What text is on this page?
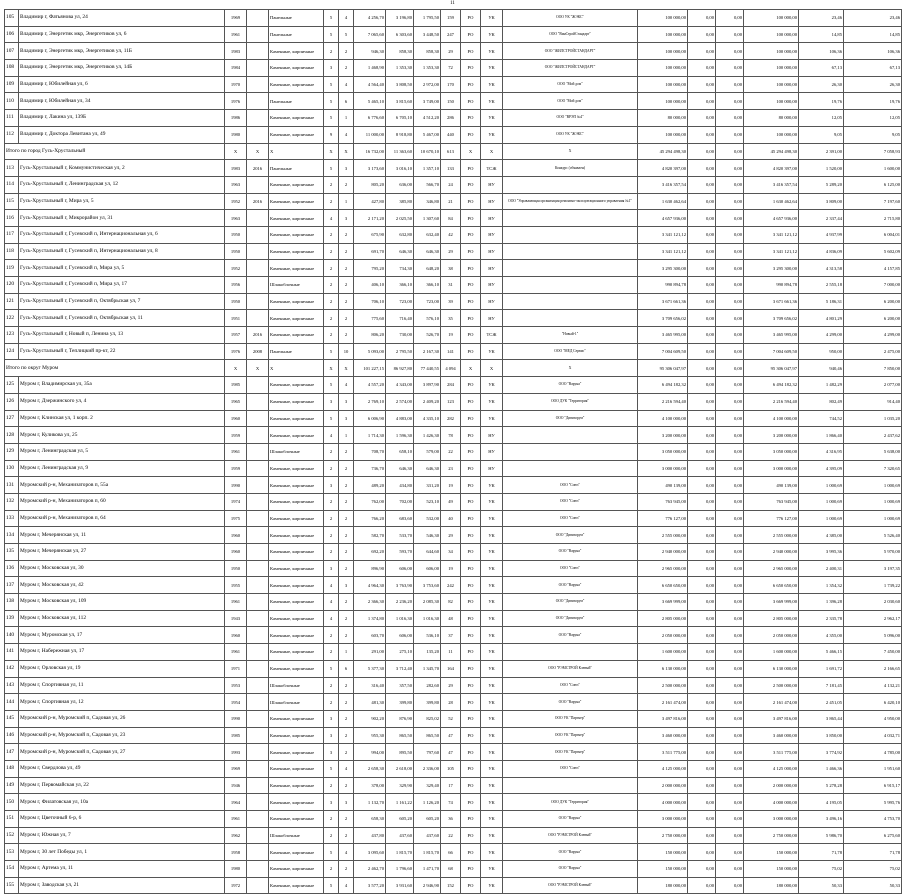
11
105	Владимир г, Фатьянова ул, 24	1969		Панельные	5	4	4 256,70	3 196,80	1 795,50	159	РО	УК	ООО УК "ЖЭКС"	100 000,00	0,00	0,00	100 000,00	23,46	23,46
106	Владимир г, Энергетик мкр, Энергетиков ул, 6	1961		Панельные	5	5	7 065,60	6 303,60	3 448,50	247	РО	УК	ООО "ВинСтройСтандарт"	100 000,00	0,00	0,00	100 000,00	14,85	14,85
107	Владимир г, Энергетик мкр, Энергетиков ул, 11Б	1983		Каменные, кирпичные	2	2	946,30	858,30	858,30	29	РО	УК	ООО "ЖИЛСТРОЙСТАНДАРТ"	100 000,00	0,00	0,00	100 000,00	106,36	106,36
108	Владимир г, Энергетик мкр, Энергетиков ул, 14Б	1984		Каменные, кирпичные	3	2	1 468,90	1 353,30	1 353,30	72	РО	УК	ООО "ЖИЛСТРОЙСТАНДАРТ"	100 000,00	0,00	0,00	100 000,00	67,13	67,13
109	Владимир г, Юбилейная ул, 6	1970		Каменные, кирпичные	5	4	4 564,40	3 808,50	2 972,00	170	РО	УК	ООО "Мой дом"	100 000,00	0,00	0,00	100 000,00	26,30	26,30
110	Владимир г, Юбилейная ул, 34	1976		Панельные	5	6	5 465,10	3 815,60	3 749,00	150	РО	УК	ООО "Мой дом"	100 000,00	0,00	0,00	100 000,00	19,76	19,76
111	Владимир г, Лакина ул, 139Б	1986		Каменные, кирпичные	5	1	6 776,60	6 705,10	4 512,20	286	РО	УК	ООО "ВРЭП №4"	80 000,00	0,00	0,00	80 000,00	12,05	12,05
112	Владимир г, Доктора Левитана ул, 49	1980		Каменные, кирпичные	9	4	11 000,00	8 918,80	5 467,00	440	РО	УК	ООО УК "ЖЭКС"	100 000,00	0,00	0,00	100 000,00	9,05	9,05
Итого по город Гусь-Хрустальный		X	X	X	X	X	16 732,00	11 363,60	10 670,10	613	X	X	X	45 294 498,30	0,00	0,00	45 294 498,30	2 391,00	7 058,93
113	Гусь-Хрустальный г, Коммунистическая ул, 2	1983	2016	Панельные	5	3	3 173,60	3 016,10	1 357,10	133	РО	ТСЖ	Конкурс (объявлен)	4 820 397,00	0,00	0,00	4 820 397,00	1 520,00	1 600,00
114	Гусь-Хрустальный г, Ленинградская ул, 12	1963		Каменные, кирпичные	2	2	805,20	636,00	566,70	24	РО	НУ		3 416 357,54	0,00	0,00	3 416 357,54	5 289,20	6 125,00
115	Гусь-Хрустальный г, Мира ул, 5	1952	2016	Каменные, кирпичные	2	1	427,80	385,80	346,80	21	РО	НУ	ООО "Управляющая организация ремонтно-эксплуатационного управления №1"	1 630 462,64	0,00	0,00	1 630 462,64	3 809,00	7 197,60
116	Гусь-Хрустальный г, Микрорайон ул, 31	1963		Каменные, кирпичные	4	3	2 171,20	2 025,50	1 307,60	84	РО	НУ		4 657 936,00	0,00	0,00	4 657 936,00	2 337,44	2 715,80
117	Гусь-Хрустальный г, Гусевский п, Интернациональная ул, 6	1950		Каменные, кирпичные	2	2	675,90	632,80	632,40	42	РО	НУ		3 341 121,12	0,00	0,00	3 341 121,12	4 937,99	6 004,01
118	Гусь-Хрустальный г, Гусевский п, Интернациональная ул, 8	1950		Каменные, кирпичные	2	2	691,70	646,30	646,30	29	РО	НУ		3 341 121,12	0,00	0,00	3 341 121,12	4 836,09	5 602,09
119	Гусь-Хрустальный г, Гусевский п, Мира ул, 5	1952		Каменные, кирпичные	2	2	795,20	734,30	648,20	38	РО	НУ		3 295 300,00	0,00	0,00	3 295 300,00	4 313,58	4 157,85
120	Гусь-Хрустальный г, Гусевский п, Мира ул, 17	1956		Шлакоблочные	2	2	406,10	366,10	366,10	31	РО	НУ		990 894,78	0,00	0,00	990 894,78	2 555,18	7 000,00
121	Гусь-Хрустальный г, Гусевский п, Октябрьская ул, 7	1950		Каменные, кирпичные	2	2	706,10	723,00	723,00	39	РО	НУ		3 671 661,36	0,00	0,00	3 671 661,36	5 186,31	6 200,00
122	Гусь-Хрустальный г, Гусевский п, Октябрьская ул, 11	1951		Каменные, кирпичные	2	2	775,60	716,40	576,10	35	РО	НУ		3 709 656,02	0,00	0,00	3 709 656,02	4 801,29	6 200,00
123	Гусь-Хрустальный г, Новый п, Ленина ул, 13	1957	2016	Каменные, кирпичные	2	2	806,20	730,00	526,70	19	РО	ТСЖ	"Новый-1"	3 465 995,00	0,00	0,00	3 465 995,00	4 299,00	4 299,00
124	Гусь-Хрустальный г, Теплицкий пр-кт, 22	1976	2008	Панельные	5	10	5 093,00	2 795,50	2 167,30	141	РО	УК	ООО "МЕД Сервис"	7 004 609,50	0,00	0,00	7 004 609,50	950,00	2 475,00
Итого по округ Муром		X	X	X	X	X	101 227,15	86 927,80	77 440,55	4 094	X	X	X	95 306 047,97	0,00	0,00	95 306 047,97	940,46	7 850,00
125	Муром г, Владимирская ул, 35а	1985		Каменные, кирпичные	5	4	4 557,20	4 343,00	3 897,90	284	РО	УК	ООО "Варуна"	6 494 182,32	0,00	0,00	6 494 182,32	1 482,29	2 077,00
126	Муром г, Дзержинского ул, 4	1965		Каменные, кирпичные	3	3	2 769,10	2 574,00	2 409,20	123	РО	УК	ООО ДУК "Территория"	2 216 594,40	0,00	0,00	2 216 594,40	802,49	914,40
127	Муром г, Клинская ул, 1 корп. 2	1960		Каменные, кирпичные	5	3	6 006,90	4 883,00	4 335,10	282	РО	УК	ООО "Дивизорум"	4 100 000,00	0,00	0,00	4 100 000,00	744,52	1 035,20
128	Муром г, Куликова ул, 25	1959		Каменные, кирпичные	4	1	1 714,30	1 596,30	1 426,30	78	РО	НУ		3 200 000,00	0,00	0,00	3 200 000,00	1 866,40	2 437,62
129	Муром г, Ленинградская ул, 5	1961		Шлакоблочные	2	2	708,70	658,10	579,00	22	РО	НУ		3 050 000,00	0,00	0,00	3 050 000,00	4 316,95	5 638,00
130	Муром г, Ленинградская ул, 9	1959		Каменные, кирпичные	2	2	736,70	646,30	646,30	23	РО	НУ		3 000 000,00	0,00	0,00	3 000 000,00	4 395,09	7 320,65
131	Муромский р-н, Механизаторов п, 55а	1990		Каменные, кирпичные	3	2	489,20	434,80	331,20	19	РО	УК	ООО "Союз"	490 139,00	0,00	0,00	490 139,00	1 000,69	1 000,69
132	Муромский р-н, Механизаторов п, 60	1974		Каменные, кирпичные	2	2	762,00	702,00	523,10	49	РО	УК	ООО "Союз"	763 945,00	0,00	0,00	763 945,00	1 000,69	1 000,69
133	Муромский р-н, Механизаторов п, 64	1975		Каменные, кирпичные	2	2	766,20	683,60	532,00	40	РО	УК	ООО "Союз"	776 127,00	0,00	0,00	776 127,00	1 000,69	1 000,69
134	Муром г, Мечерянская ул, 11	1960		Каменные, кирпичные	2	2	582,70	533,70	546,30	29	РО	УК	ООО "Дивизорум"	2 555 000,00	0,00	0,00	2 555 000,00	4 385,00	5 526,40
135	Муром г, Мечерянская ул, 27	1960		Каменные, кирпичные	2	2	692,20	593,70	644,60	34	РО	УК	ООО "Варуна"	2 940 000,00	0,00	0,00	2 940 000,00	3 995,36	5 970,00
136	Муром г, Московская ул, 30	1950		Каменные, кирпичные	3	2	896,90	606,00	606,00	19	РО	УК	ООО "Союз"	2 965 000,00	0,00	0,00	2 965 000,00	2 400,31	3 197,35
137	Муром г, Московская ул, 42	1955		Каменные, кирпичные	4	3	4 964,30	3 763,90	3 753,60	242	РО	УК	ООО "Варуна"	6 650 650,00	0,00	0,00	6 650 650,00	1 354,32	1 739,22
138	Муром г, Московская ул, 109	1961		Каменные, кирпичные	4	2	2 366,30	2 236,20	2 085,30	82	РО	УК	ООО "Дивизорум"	3 669 999,00	0,00	0,00	3 669 999,00	1 396,28	2 030,60
139	Муром г, Московская ул, 112	1943		Каменные, кирпичные	4	2	1 374,80	1 016,30	1 016,30	48	РО	УК	ООО "Дивизорум"	2 805 000,00	0,00	0,00	2 805 000,00	2 335,78	2 962,17
140	Муром г, Муромская ул, 17	1960		Каменные, кирпичные	2	2	603,70	606,00	536,10	37	РО	УК	ООО "Варуна"	2 050 000,00	0,00	0,00	2 050 000,00	4 355,00	5 096,00
141	Муром г, Набережная ул, 17	1961		Каменные, кирпичные	2	1	291,00	275,10	135,20	11	РО	УК		1 600 000,00	0,00	0,00	1 600 000,00	5 466,15	7 450,00
142	Муром г, Орловская ул, 19	1971		Каменные, кирпичные	5	6	5 377,30	3 712,40	1 345,70	164	РО	УК	ООО "РЭМСТРОЙ Клевый"	6 130 000,00	0,00	0,00	6 130 000,00	1 691,72	2 166,65
143	Муром г, Спортивная ул, 11	1953		Шлакоблочные	2	2	316,40	357,50	282,60	29	РО	УК	ООО "Союз"	2 500 000,00	0,00	0,00	2 500 000,00	7 181,45	4 132,21
144	Муром г, Спортивная ул, 12	1954		Шлакоблочные	2	2	481,30	399,80	399,80	28	РО	УК	ООО "Варуна"	2 161 474,00	0,00	0,00	2 161 474,00	2 451,05	6 420,10
145	Муромский р-н, Муромский п, Садовая ул, 26	1990		Каменные, кирпичные	3	2	902,20	876,90	825,02	52	РО	УК	ООО УК "Партнер"	3 497 816,00	0,00	0,00	3 497 816,00	3 865,44	4 950,00
146	Муромский р-н, Муромский п, Садовая ул, 23	1985		Каменные, кирпичные	3	2	955,30	865,50	865,50	47	РО	УК	ООО УК "Партнер"	3 460 000,00	0,00	0,00	3 460 000,00	3 850,00	4 032,71
147	Муромский р-н, Муромский п, Садовая ул, 27	1993		Каменные, кирпичные	3	2	994,00	895,50	797,60	47	РО	УК	ООО УК "Партнер"	3 511 775,00	0,00	0,00	3 511 775,00	3 774,92	4 785,00
148	Муром г, Свердлова ул, 49	1969		Каменные, кирпичные	5	4	2 658,30	2 618,00	2 336,00	105	РО	УК	ООО "Союз"	4 125 000,00	0,00	0,00	4 125 000,00	1 466,36	1 951,60
149	Муром г, Первомайская ул, 22	1946		Каменные, кирпичные	2	2	378,00	329,90	329,40	17	РО	УК		2 000 000,00	0,00	0,00	2 000 000,00	5 278,28	6 915,17
150	Муром г, Филатовская ул, 10а	1964		Каменные, кирпичные	3	3	1 132,70	1 161,22	1 126,20	74	РО	УК	ООО ДУК "Территория"	4 000 000,00	0,00	0,00	4 000 000,00	4 195,05	5 995,76
151	Муром г, Цветочный 6-р, 6	1961		Каменные, кирпичные	2	2	658,30	605,20	605,20	36	РО	УК	ООО "Варуна"	3 000 000,00	0,00	0,00	3 000 000,00	3 496,16	4 753,70
152	Муром г, Южная ул, 7	1962		Шлакоблочные	2	2	437,80	437,60	437,60	22	РО	УК	ООО "РЭМСТРОЙ Клевый"	2 750 000,00	0,00	0,00	2 750 000,00	5 986,70	6 275,60
153	Муром г, 30 лет Победы ул, 1	1958		Каменные, кирпичные	5	4	3 095,60	1 815,70	1 815,70	66	РО	УК	ООО "Варуна"	150 000,00	0,00	0,00	150 000,00	71,78	71,78
154	Муром г, Артема ул, 11	1980		Каменные, кирпичные	2	2	2 462,70	1 796,60	1 471,70	68	РО	УК	ООО "Варуна"	150 000,00	0,00	0,00	150 000,00	75,02	75,02
155	Муром г, Заводская ул, 21	1972		Каменные, кирпичные	5	4	3 577,20	3 931,60	2 946,90	152	РО	УК	ООО "РЭМСТРОЙ Клевый"	180 000,00	0,00	0,00	180 000,00	50,33	50,33
